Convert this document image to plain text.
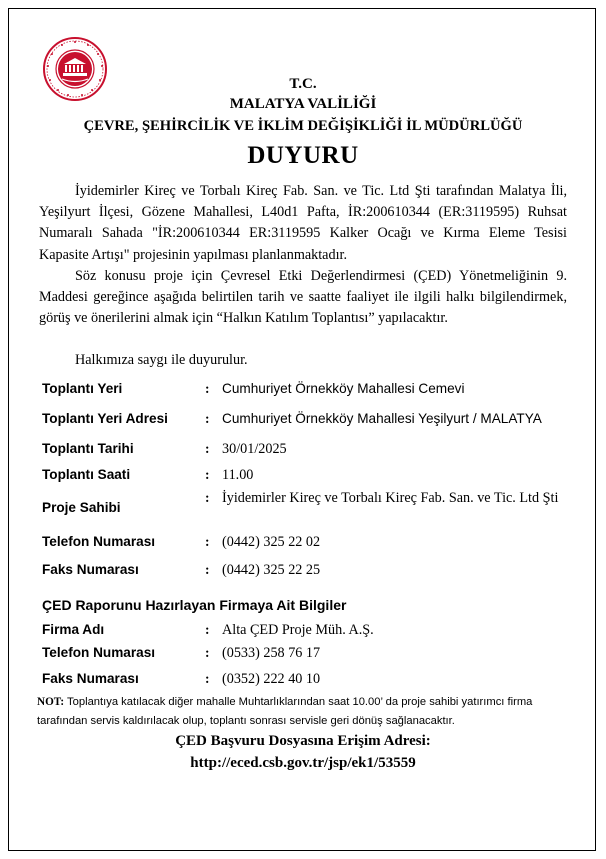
T.C.
MALATYA VALİLİĞİ
ÇEVRE, ŞEHİRCİLİK VE İKLİM DEĞİŞİKLİĞİ İL MÜDÜRLÜĞÜ
DUYURU
İyidemirler Kireç ve Torbalı Kireç Fab. San. ve Tic. Ltd Şti tarafından Malatya İli, Yeşilyurt İlçesi, Gözene Mahallesi, L40d1 Pafta, İR:200610344 (ER:3119595) Ruhsat Numaralı Sahada "İR:200610344 ER:3119595 Kalker Ocağı ve Kırma Eleme Tesisi Kapasite Artışı" projesinin yapılması planlanmaktadır.
Söz konusu proje için Çevresel Etki Değerlendirmesi (ÇED) Yönetmeliğinin 9. Maddesi gereğince aşağıda belirtilen tarih ve saatte faaliyet ile ilgili halkı bilgilendirmek, görüş ve önerilerini almak için “Halkın Katılım Toplantısı” yapılacaktır.
Halkımıza saygı ile duyurulur.
Toplantı Yeri	: Cumhuriyet Örnekköy Mahallesi Cemevi
Toplantı Yeri Adresi	: Cumhuriyet Örnekköy Mahallesi Yeşilyurt / MALATYA
Toplantı Tarihi	: 30/01/2025
Toplantı Saati	: 11.00
Proje Sahibi
: İyidemirler Kireç ve Torbalı Kireç Fab. San. ve Tic. Ltd Şti
Telefon Numarası	: (0442) 325 22 02
Faks Numarası	: (0442) 325 22 25
ÇED Raporunu Hazırlayan Firmaya Ait Bilgiler
Firma Adı	: Alta ÇED Proje Müh. A.Ş.
Telefon Numarası	: (0533) 258 76 17
Faks Numarası	: (0352) 222 40 10
NOT: Toplantıya katılacak diğer mahalle Muhtarlıklarından saat 10.00’ da proje sahibi yatırımcı firma tarafından servis kaldırılacak olup, toplantı sonrası servisle geri dönüş sağlanacaktır.
ÇED Başvuru Dosyasına Erişim Adresi:
http://eced.csb.gov.tr/jsp/ek1/53559
